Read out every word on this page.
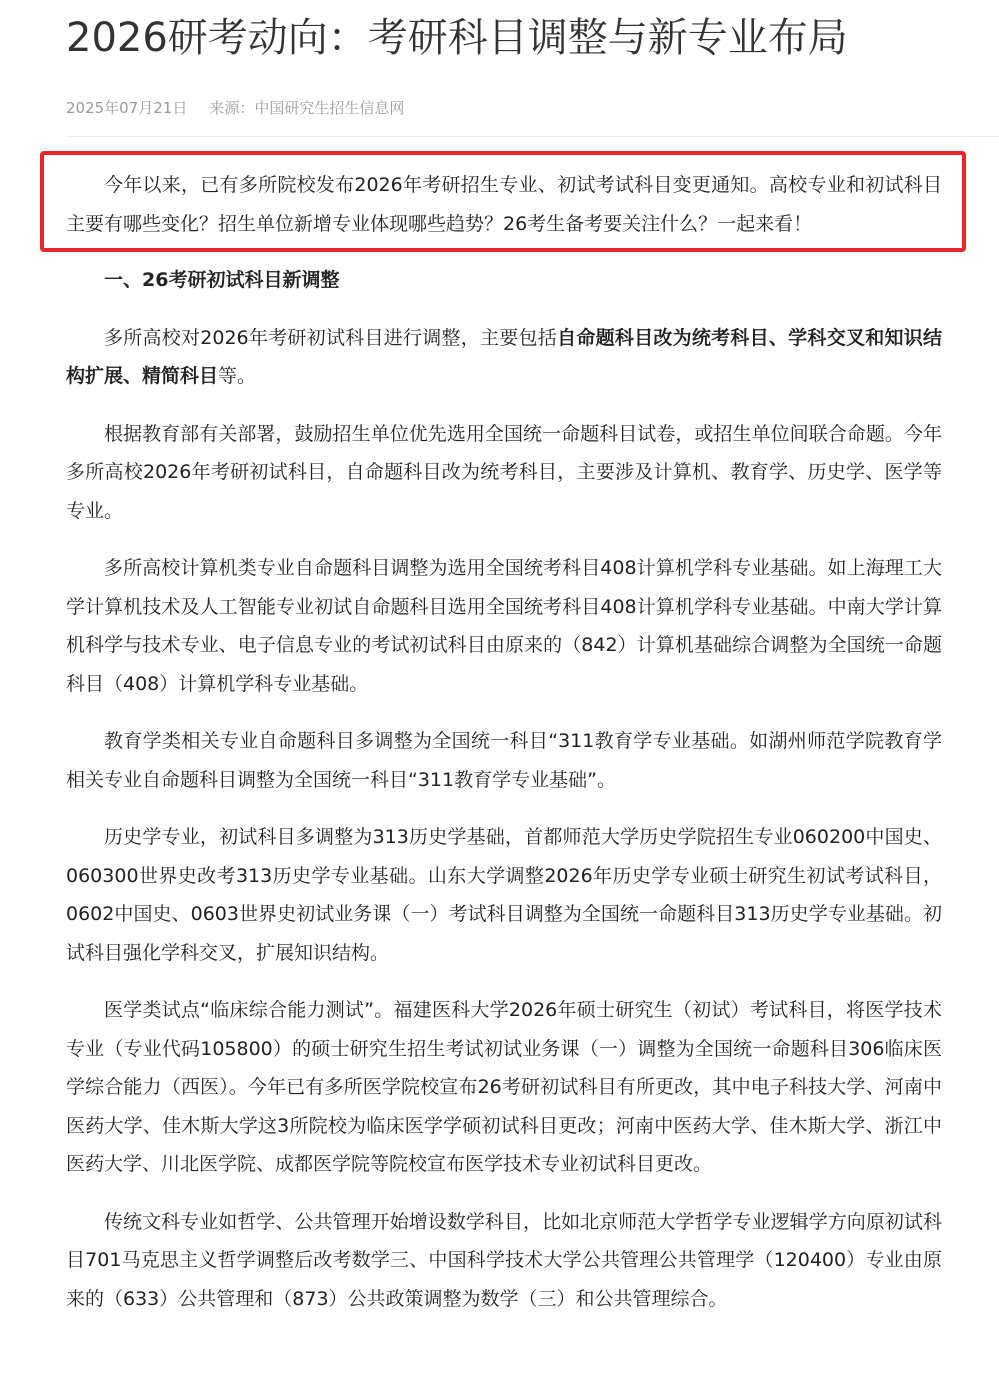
2026研考动向：考研科目调整与新专业布局
2025年07月21日 来源：中国研究生招生信息网

今年以来，已有多所院校发布2026年考研招生专业、初试考试科目变更通知。高校专业和初试科目主要有哪些变化？招生单位新增专业体现哪些趋势？26考生备考要关注什么？一起来看！

一、26考研初试科目新调整

多所高校对2026年考研初试科目进行调整，主要包括自命题科目改为统考科目、学科交叉和知识结构扩展、精简科目等。

根据教育部有关部署，鼓励招生单位优先选用全国统一命题科目试卷，或招生单位间联合命题。今年多所高校2026年考研初试科目，自命题科目改为统考科目，主要涉及计算机、教育学、历史学、医学等专业。

多所高校计算机类专业自命题科目调整为选用全国统考科目408计算机学科专业基础。如上海理工大学计算机技术及人工智能专业初试自命题科目选用全国统考科目408计算机学科专业基础。中南大学计算机科学与技术专业、电子信息专业的考试初试科目由原来的（842）计算机基础综合调整为全国统一命题科目（408）计算机学科专业基础。

教育学类相关专业自命题科目多调整为全国统一科目“311教育学专业基础。如湖州师范学院教育学相关专业自命题科目调整为全国统一科目“311教育学专业基础”。

历史学专业，初试科目多调整为313历史学基础，首都师范大学历史学院招生专业060200中国史、060300世界史改考313历史学专业基础。山东大学调整2026年历史学专业硕士研究生初试考试科目，0602中国史、0603世界史初试业务课（一）考试科目调整为全国统一命题科目313历史学专业基础。初试科目强化学科交叉，扩展知识结构。

医学类试点“临床综合能力测试”。福建医科大学2026年硕士研究生（初试）考试科目，将医学技术专业（专业代码105800）的硕士研究生招生考试初试业务课（一）调整为全国统一命题科目306临床医学综合能力（西医）。今年已有多所医学院校宣布26考研初试科目有所更改，其中电子科技大学、河南中医药大学、佳木斯大学这3所院校为临床医学学硕初试科目更改；河南中医药大学、佳木斯大学、浙江中医药大学、川北医学院、成都医学院等院校宣布医学技术专业初试科目更改。

传统文科专业如哲学、公共管理开始增设数学科目，比如北京师范大学哲学专业逻辑学方向原初试科目701马克思主义哲学调整后改考数学三、中国科学技术大学公共管理公共管理学（120400）专业由原来的（633）公共管理和（873）公共政策调整为数学（三）和公共管理综合。
